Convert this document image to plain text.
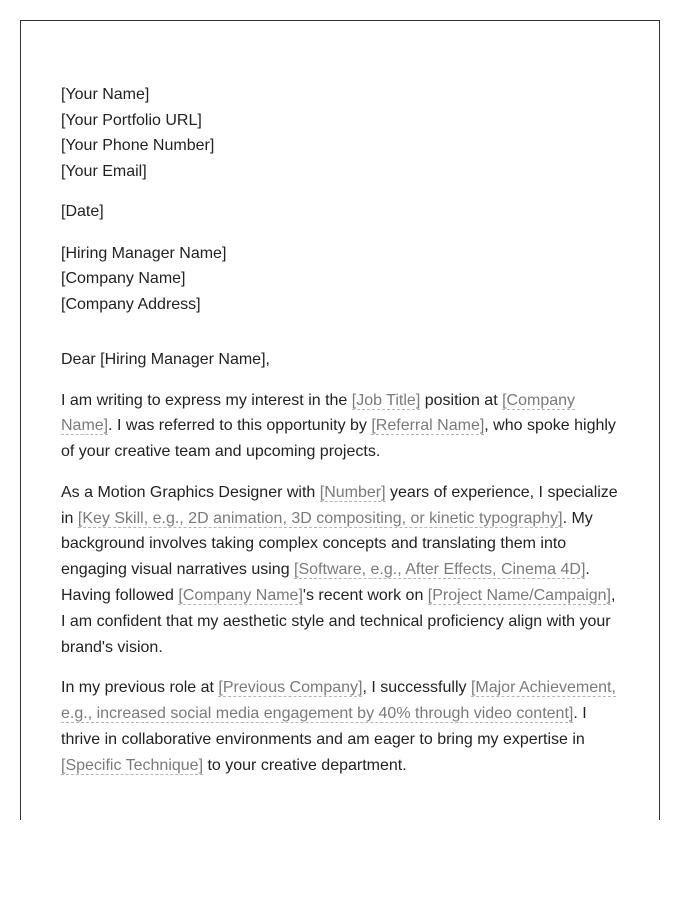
[Your Name]
[Your Portfolio URL]
[Your Phone Number]
[Your Email]
[Date]
[Hiring Manager Name]
[Company Name]
[Company Address]
Dear [Hiring Manager Name],

I am writing to express my interest in the [Job Title] position at [Company Name]. I was referred to this opportunity by [Referral Name], who spoke highly of your creative team and upcoming projects.

As a Motion Graphics Designer with [Number] years of experience, I specialize in [Key Skill, e.g., 2D animation, 3D compositing, or kinetic typography]. My background involves taking complex concepts and translating them into engaging visual narratives using [Software, e.g., After Effects, Cinema 4D]. Having followed [Company Name]'s recent work on [Project Name/Campaign], I am confident that my aesthetic style and technical proficiency align with your brand's vision.

In my previous role at [Previous Company], I successfully [Major Achievement, e.g., increased social media engagement by 40% through video content]. I thrive in collaborative environments and am eager to bring my expertise in [Specific Technique] to your creative department.
